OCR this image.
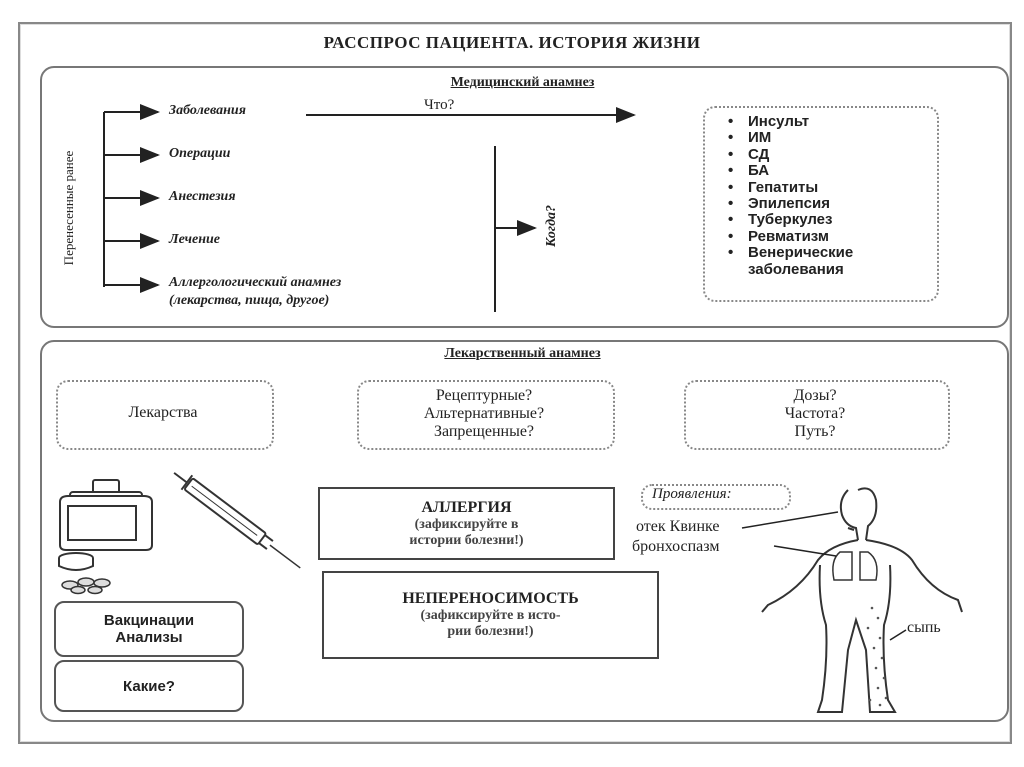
РАССПРОС ПАЦИЕНТА. ИСТОРИЯ ЖИЗНИ
Медицинский анамнез
Перенесенные ранее
Заболевания
Операции
Анестезия
Лечение
Аллергологический анамнез
(лекарства, пища, другое)
Что?
Когда?
• Инсульт
• ИМ
• СД
• БА
• Гепатиты
• Эпилепсия
• Туберкулез
• Ревматизм
• Венерические
заболевания
Лекарственный анамнез
Лекарства
Рецептурные?
Альтернативные?
Запрещенные?
Дозы?
Частота?
Путь?
АЛЛЕРГИЯ
(зафиксируйте в
истории болезни!)
НЕПЕРЕНОСИМОСТЬ
(зафиксируйте в исто-
рии болезни!)
Вакцинации
Анализы
Какие?
Проявления:
отек Квинке
бронхоспазм
сыпь
